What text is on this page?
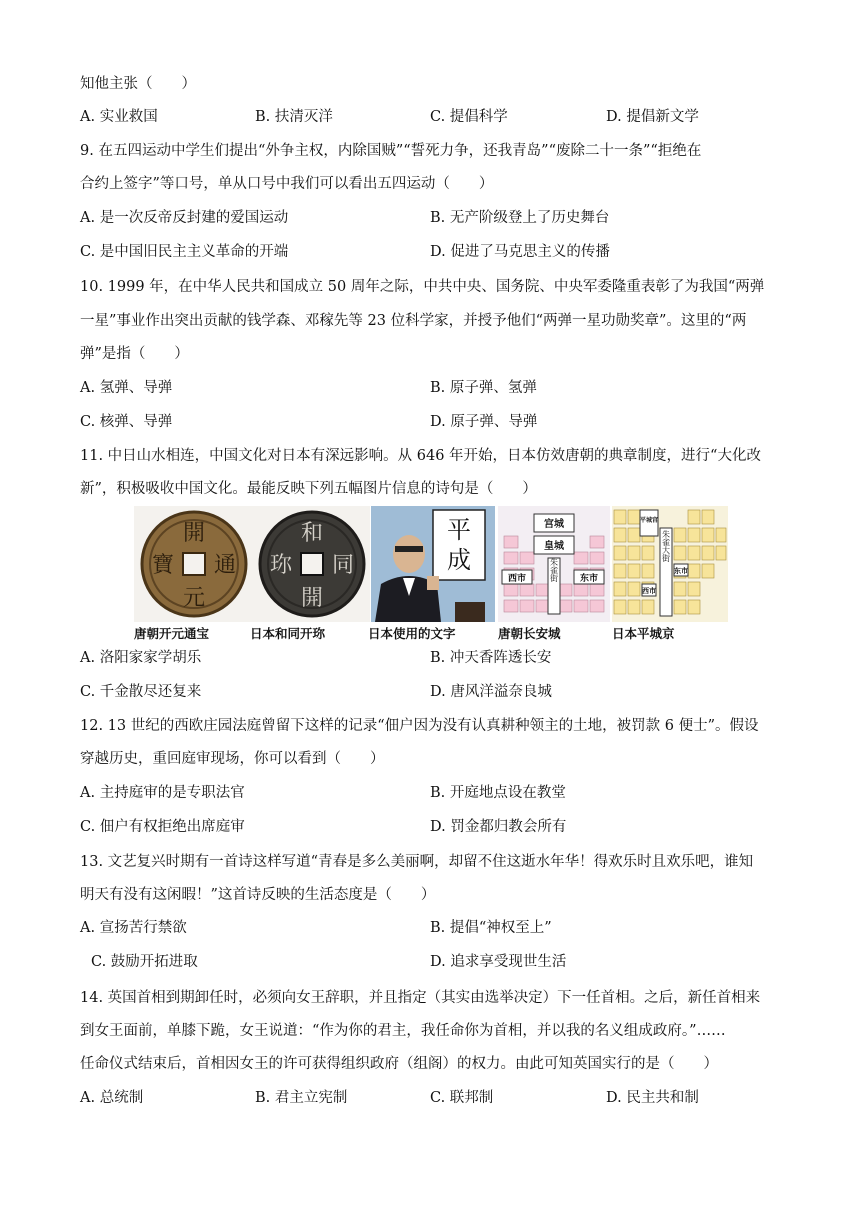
知他主张（　　）
A. 实业救国	B. 扶清灭洋	C. 提倡科学	D. 提倡新文学
9. 在五四运动中学生们提出“外争主权，内除国贼”“誓死力争，还我青岛”“废除二十一条”“拒绝在
合约上签字”等口号，单从口号中我们可以看出五四运动（　　）
A. 是一次反帝反封建的爱国运动	B. 无产阶级登上了历史舞台
C. 是中国旧民主主义革命的开端	D. 促进了马克思主义的传播
10. 1999 年，在中华人民共和国成立 50 周年之际，中共中央、国务院、中央军委隆重表彰了为我国“两弹
一星”事业作出突出贡献的钱学森、邓稼先等 23 位科学家，并授予他们“两弹一星功勋奖章”。这里的“两
弹”是指（　　）
A. 氢弹、导弹	B. 原子弹、氢弹
C. 核弹、导弹	D. 原子弹、导弹
11. 中日山水相连，中国文化对日本有深远影响。从 646 年开始，日本仿效唐朝的典章制度，进行“大化改
新”，积极吸收中国文化。最能反映下列五幅图片信息的诗句是（　　）
開
通
元
寶
和
同
開
珎
平
成
宫城
皇城
西市	东市
朱雀街
平城宫
朱雀大街
西市
东市
唐朝开元通宝	日本和同开珎	日本使用的文字	唐朝长安城	日本平城京
A. 洛阳家家学胡乐	B. 冲天香阵透长安
C. 千金散尽还复来	D. 唐风洋溢奈良城
12. 13 世纪的西欧庄园法庭曾留下这样的记录“佃户因为没有认真耕种领主的土地，被罚款 6 便士”。假设
穿越历史，重回庭审现场，你可以看到（　　）
A. 主持庭审的是专职法官	B. 开庭地点设在教堂
C. 佃户有权拒绝出席庭审	D. 罚金都归教会所有
13. 文艺复兴时期有一首诗这样写道“青春是多么美丽啊，却留不住这逝水年华！得欢乐时且欢乐吧，谁知
明天有没有这闲暇！”这首诗反映的生活态度是（　　）
A. 宣扬苦行禁欲	B. 提倡“神权至上”
C. 鼓励开拓进取	D. 追求享受现世生活
14. 英国首相到期卸任时，必须向女王辞职，并且指定（其实由选举决定）下一任首相。之后，新任首相来
到女王面前，单膝下跪，女王说道：“作为你的君主，我任命你为首相，并以我的名义组成政府。”……
任命仪式结束后，首相因女王的许可获得组织政府（组阁）的权力。由此可知英国实行的是（　　）
A. 总统制	B. 君主立宪制	C. 联邦制	D. 民主共和制
